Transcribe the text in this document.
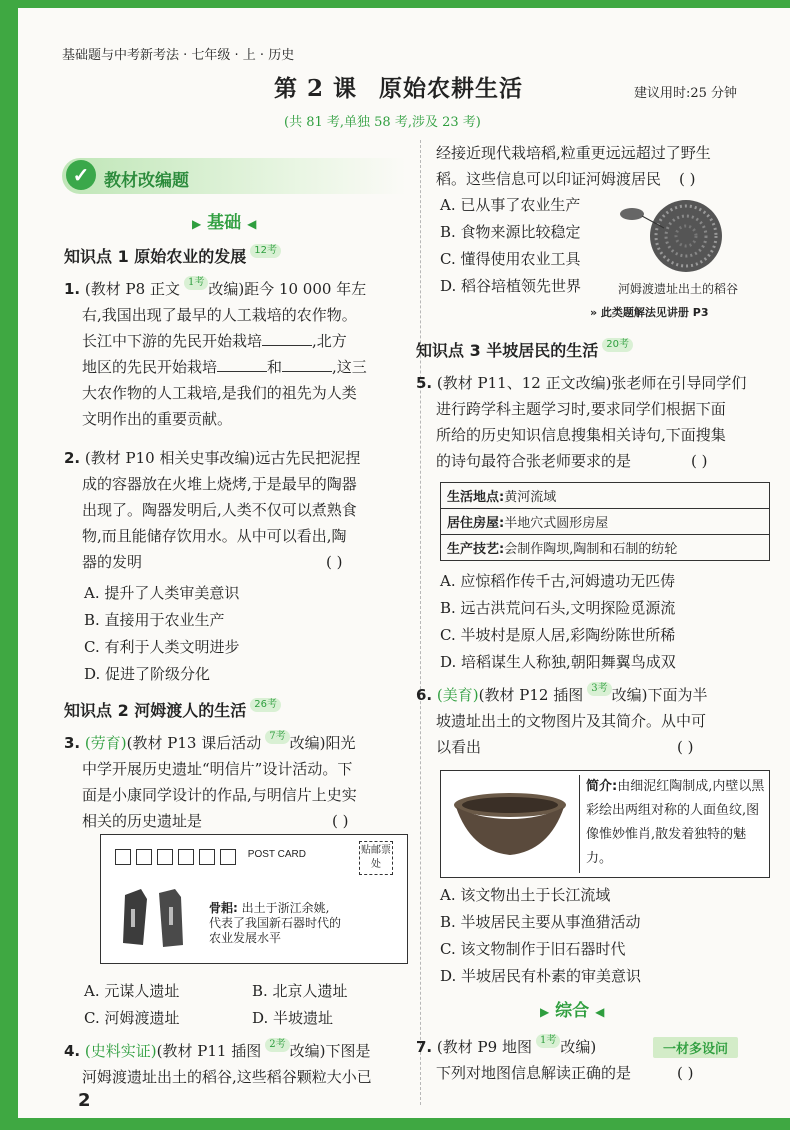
基础题与中考新考法 · 七年级 · 上 · 历史
第 2 课 原始农耕生活	建议用时:25 分钟
(共 81 考,单独 58 考,涉及 23 考)
✓ 教材改编题
▶ 基础 ◀
知识点 1 原始农业的发展 12考
1. (教材 P8 正文 1考 改编)距今 10 000 年左
右,我国出现了最早的人工栽培的农作物。
长江中下游的先民开始栽培	,北方
地区的先民开始栽培	和	,这三
大农作物的人工栽培,是我们的祖先为人类
文明作出的重要贡献。
2. (教材 P10 相关史事改编)远古先民把泥捏
成的容器放在火堆上烧烤,于是最早的陶器
出现了。陶器发明后,人类不仅可以煮熟食
物,而且能储存饮用水。从中可以看出,陶
器的发明	( )
A. 提升了人类审美意识
B. 直接用于农业生产
C. 有利于人类文明进步
D. 促进了阶级分化
知识点 2 河姆渡人的生活 26考
3. (劳育)(教材 P13 课后活动 7考 改编)阳光
中学开展历史遗址“明信片”设计活动。下
面是小康同学设计的作品,与明信片上史实
相关的历史遗址是	( )
POST CARD	贴邮票处
骨耜: 出土于浙江余姚,
代表了我国新石器时代的
农业发展水平
A. 元谋人遗址	B. 北京人遗址
C. 河姆渡遗址	D. 半坡遗址
4. (史料实证)(教材 P11 插图 2考 改编)下图是
河姆渡遗址出土的稻谷,这些稻谷颗粒大小已
2
经接近现代栽培稻,粒重更远远超过了野生
稻。这些信息可以印证河姆渡居民 ( )
A. 已从事了农业生产
B. 食物来源比较稳定
C. 懂得使用农业工具
D. 稻谷培植领先世界	河姆渡遗址出土的稻谷
» 此类题解法见讲册 P3
知识点 3 半坡居民的生活 20考
5. (教材 P11、12 正文改编)张老师在引导同学们
进行跨学科主题学习时,要求同学们根据下面
所给的历史知识信息搜集相关诗句,下面搜集
的诗句最符合张老师要求的是	( )
生活地点:黄河流域
居住房屋:半地穴式圆形房屋
生产技艺:会制作陶坝,陶制和石制的纺轮
A. 应惊稻作传千古,河姆遗功无匹俦
B. 远古洪荒问石头,文明探险觅源流
C. 半坡村是原人居,彩陶纷陈世所稀
D. 培稻谋生人称独,朝阳舞翼鸟成双
6. (美育)(教材 P12 插图 3考 改编)下面为半
坡遗址出土的文物图片及其简介。从中可
以看出	( )
简介:由细泥红陶制成,内壁以黑彩绘出两组对称的人面鱼纹,图像惟妙惟肖,散发着独特的魅力。
A. 该文物出土于长江流域
B. 半坡居民主要从事渔猎活动
C. 该文物制作于旧石器时代
D. 半坡居民有朴素的审美意识
▶ 综合 ◀
7. (教材 P9 地图 1考 改编)
下列对地图信息解读正确的是	( )
一材多设问
